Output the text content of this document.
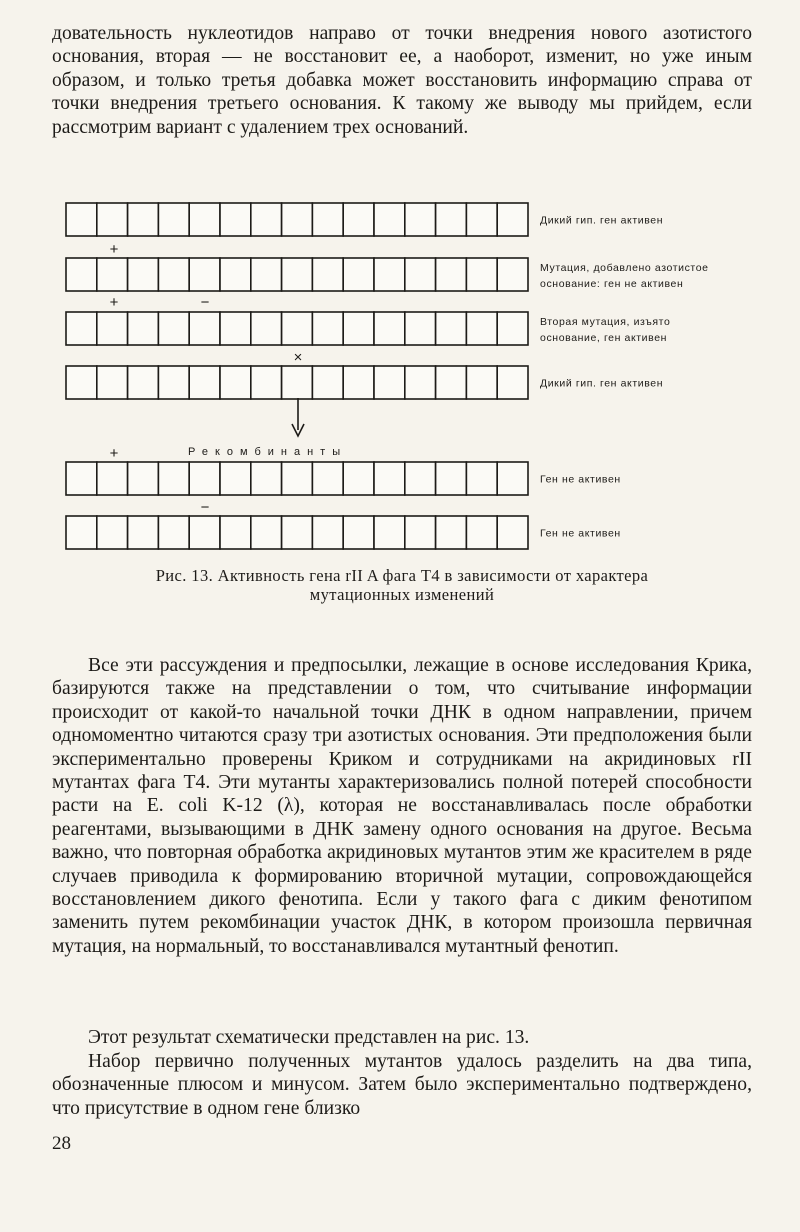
довательность нуклеотидов направо от точки внедрения нового азотистого основания, вторая — не восстановит ее, а наоборот, изменит, но уже иным образом, и только третья добавка может восстановить информацию справа от точки внедрения третьего основания. К такому же выводу мы прийдем, если рассмотрим вариант с удалением трех оснований.

Дикий гип. ген активен
Мутация, добавлено азотистое
основание: ген не активен
Вторая мутация, изъято
основание, ген активен
Дикий гип. ген активен
Ген не активен
Ген не активен
+
+	−
×
+
−
Рекомбинанты
Рис. 13. Активность гена rII A фага T4 в зависимости от характера
мутационных изменений

Все эти рассуждения и предпосылки, лежащие в основе исследования Крика, базируются также на представлении о том, что считывание информации происходит от какой-то начальной точки ДНК в одном направлении, причем одномоментно читаются сразу три азотистых основания. Эти предположения были экспериментально проверены Криком и сотрудниками на акридиновых rII мутантах фага T4. Эти мутанты характеризовались полной потерей способности расти на E. coli K-12 (λ), которая не восстанавливалась после обработки реагентами, вызывающими в ДНК замену одного основания на другое. Весьма важно, что повторная обработка акридиновых мутантов этим же красителем в ряде случаев приводила к формированию вторичной мутации, сопровождающейся восстановлением дикого фенотипа. Если у такого фага с диким фенотипом заменить путем рекомбинации участок ДНК, в котором произошла первичная мутация, на нормальный, то восстанавливался мутантный фенотип.

Этот результат схематически представлен на рис. 13.

Набор первично полученных мутантов удалось разделить на два типа, обозначенные плюсом и минусом. Затем было экспериментально подтверждено, что присутствие в одном гене близко

28
